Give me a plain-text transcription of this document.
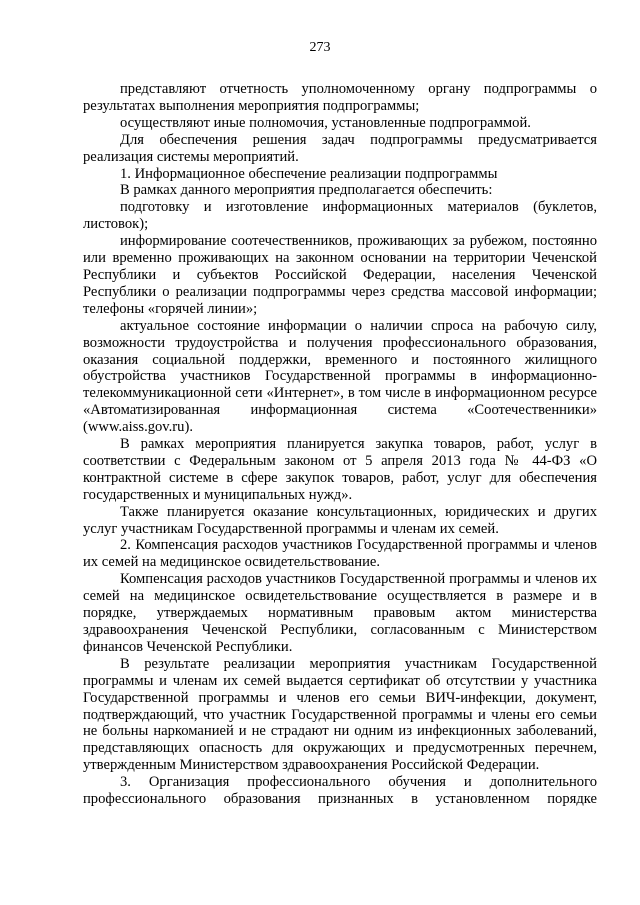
273

представляют отчетность уполномоченному органу подпрограммы о результатах выполнения мероприятия подпрограммы;

осуществляют иные полномочия, установленные подпрограммой.

Для обеспечения решения задач подпрограммы предусматривается реализация системы мероприятий.

1. Информационное обеспечение реализации подпрограммы

В рамках данного мероприятия предполагается обеспечить:

подготовку и изготовление информационных материалов (буклетов, листовок);

информирование соотечественников, проживающих за рубежом, постоянно или временно проживающих на законном основании на территории Чеченской Республики и субъектов Российской Федерации, населения Чеченской Республики о реализации подпрограммы через средства массовой информации; телефоны «горячей линии»;

актуальное состояние информации о наличии спроса на рабочую силу, возможности трудоустройства и получения профессионального образования, оказания социальной поддержки, временного и постоянного жилищного обустройства участников Государственной программы в информационно-телекоммуникационной сети «Интернет», в том числе в информационном ресурсе «Автоматизированная информационная система «Соотечественники» (www.aiss.gov.ru).

В рамках мероприятия планируется закупка товаров, работ, услуг в соответствии с Федеральным законом от 5 апреля 2013 года № 44-ФЗ «О контрактной системе в сфере закупок товаров, работ, услуг для обеспечения государственных и муниципальных нужд».

Также планируется оказание консультационных, юридических и других услуг участникам Государственной программы и членам их семей.

2. Компенсация расходов участников Государственной программы и членов их семей на медицинское освидетельствование.

Компенсация расходов участников Государственной программы и членов их семей на медицинское освидетельствование осуществляется в размере и в порядке, утверждаемых нормативным правовым актом министерства здравоохранения Чеченской Республики, согласованным с Министерством финансов Чеченской Республики.

В результате реализации мероприятия участникам Государственной программы и членам их семей выдается сертификат об отсутствии у участника Государственной программы и членов его семьи ВИЧ-инфекции, документ, подтверждающий, что участник Государственной программы и члены его семьи не больны наркоманией и не страдают ни одним из инфекционных заболеваний, представляющих опасность для окружающих и предусмотренных перечнем, утвержденным Министерством здравоохранения Российской Федерации.

3. Организация профессионального обучения и дополнительного профессионального образования признанных в установленном порядке
